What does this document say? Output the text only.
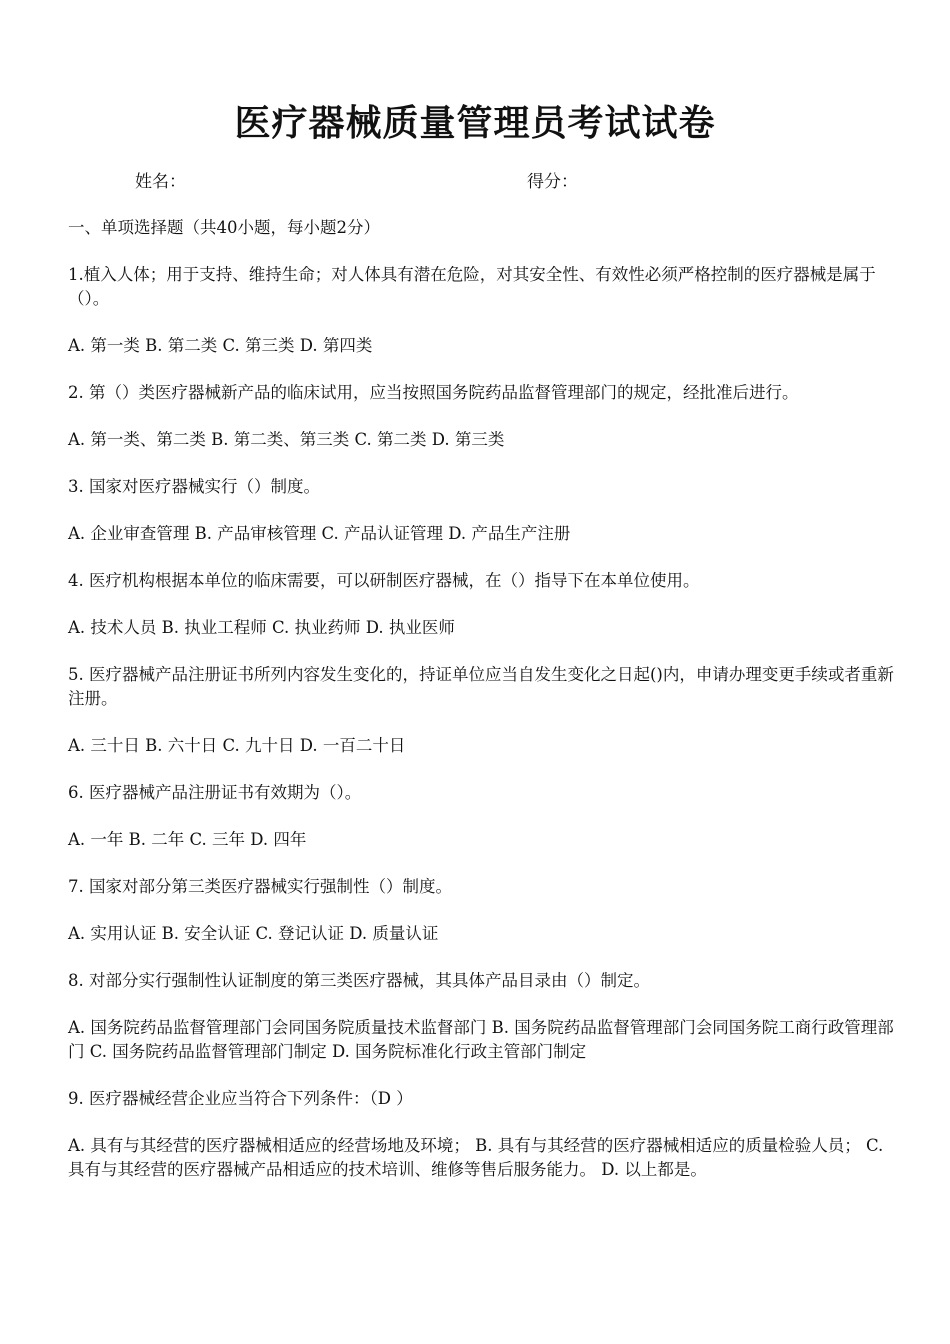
医疗器械质量管理员考试试卷
姓名：	得分：
一、单项选择题（共40小题，每小题2分）
1.植入人体；用于支持、维持生命；对人体具有潜在危险，对其安全性、有效性必须严格控制的医疗器械是属于（）。
A. 第一类 B. 第二类 C. 第三类 D. 第四类
2. 第（）类医疗器械新产品的临床试用，应当按照国务院药品监督管理部门的规定，经批准后进行。
A. 第一类、第二类 B. 第二类、第三类 C. 第二类 D. 第三类
3. 国家对医疗器械实行（）制度。
A. 企业审查管理 B. 产品审核管理 C. 产品认证管理 D. 产品生产注册
4. 医疗机构根据本单位的临床需要，可以研制医疗器械，在（）指导下在本单位使用。
A. 技术人员 B. 执业工程师 C. 执业药师 D. 执业医师
5. 医疗器械产品注册证书所列内容发生变化的，持证单位应当自发生变化之日起()内，申请办理变更手续或者重新注册。
A. 三十日 B. 六十日 C. 九十日 D. 一百二十日
6. 医疗器械产品注册证书有效期为（）。
A. 一年 B. 二年 C. 三年 D. 四年
7. 国家对部分第三类医疗器械实行强制性（）制度。
A. 实用认证 B. 安全认证 C. 登记认证 D. 质量认证
8. 对部分实行强制性认证制度的第三类医疗器械，其具体产品目录由（）制定。
A. 国务院药品监督管理部门会同国务院质量技术监督部门 B. 国务院药品监督管理部门会同国务院工商行政管理部门 C. 国务院药品监督管理部门制定 D. 国务院标准化行政主管部门制定
9. 医疗器械经营企业应当符合下列条件：（D ）
A. 具有与其经营的医疗器械相适应的经营场地及环境； B. 具有与其经营的医疗器械相适应的质量检验人员； C. 具有与其经营的医疗器械产品相适应的技术培训、维修等售后服务能力。 D. 以上都是。
